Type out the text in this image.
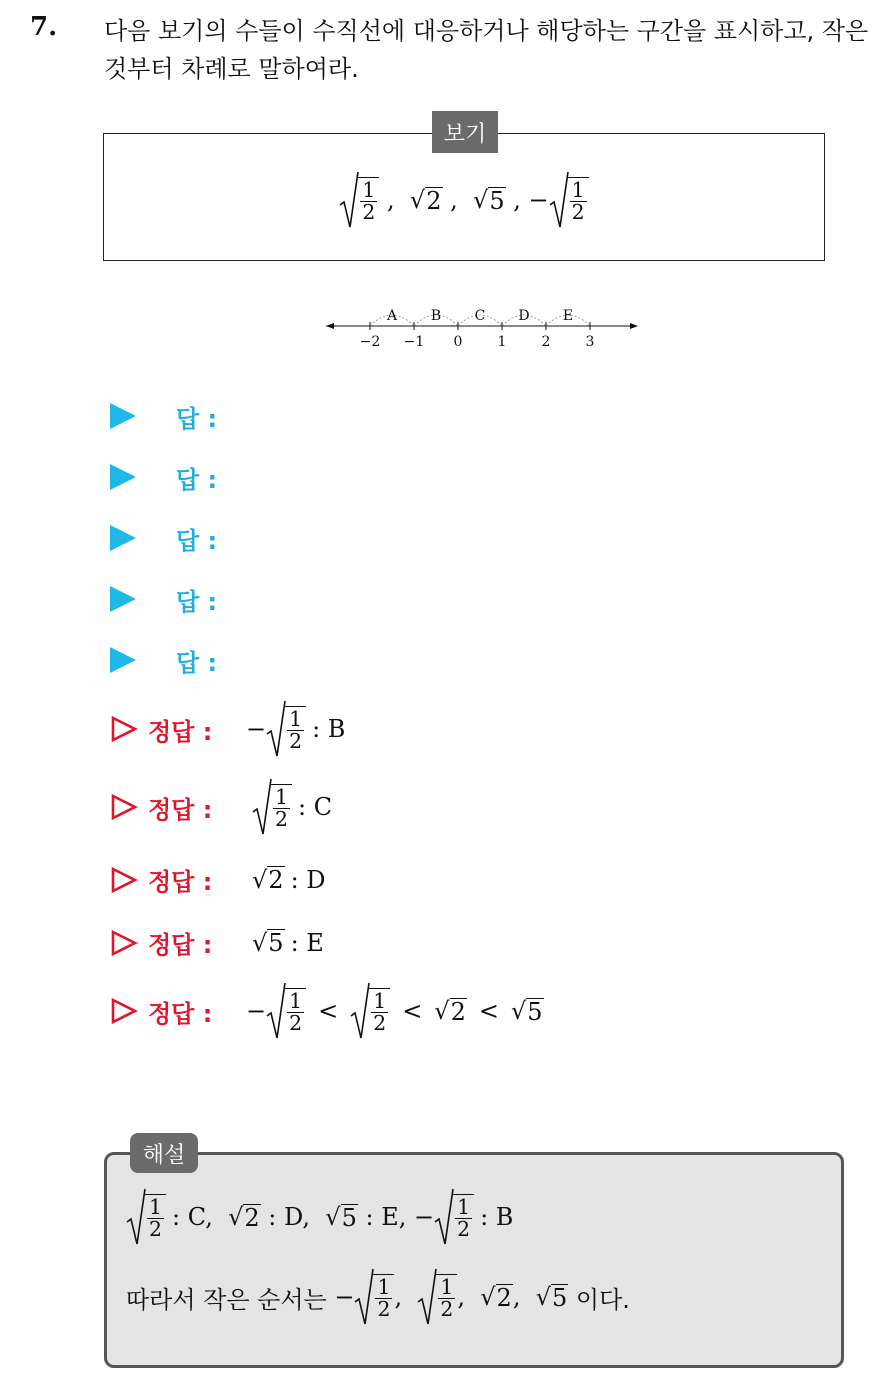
7. 다음 보기의 수들이 수직선에 대응하거나 해당하는 구간을 표시하고, 작은 것부터 차례로 말하여라.
보기
$\frac{1}{2}$ , √ 2 , √ 5 , − $\frac{1}{2}$
A B C D E
−2 −1 0	1	2	3
답 :
답 :
답 :
답 :
답 :
정답 :	− $\frac{1}{2}$ : B
정답 :	$\frac{1}{2}$ : C
정답 :	√ 2 : D
정답 :	√ 5 : E
정답 :	− $\frac{1}{2} < \frac{1}{2}$ < √ 2 < √ 5
해설
$\frac{1}{2}$ : C, √ 2 : D, √ 5 : E, − $\frac{1}{2}$ : B
따라서 작은 순서는 − $\frac{1}{2}$ , $\frac{1}{2}$ , √ 2 , √ 5
이다.
